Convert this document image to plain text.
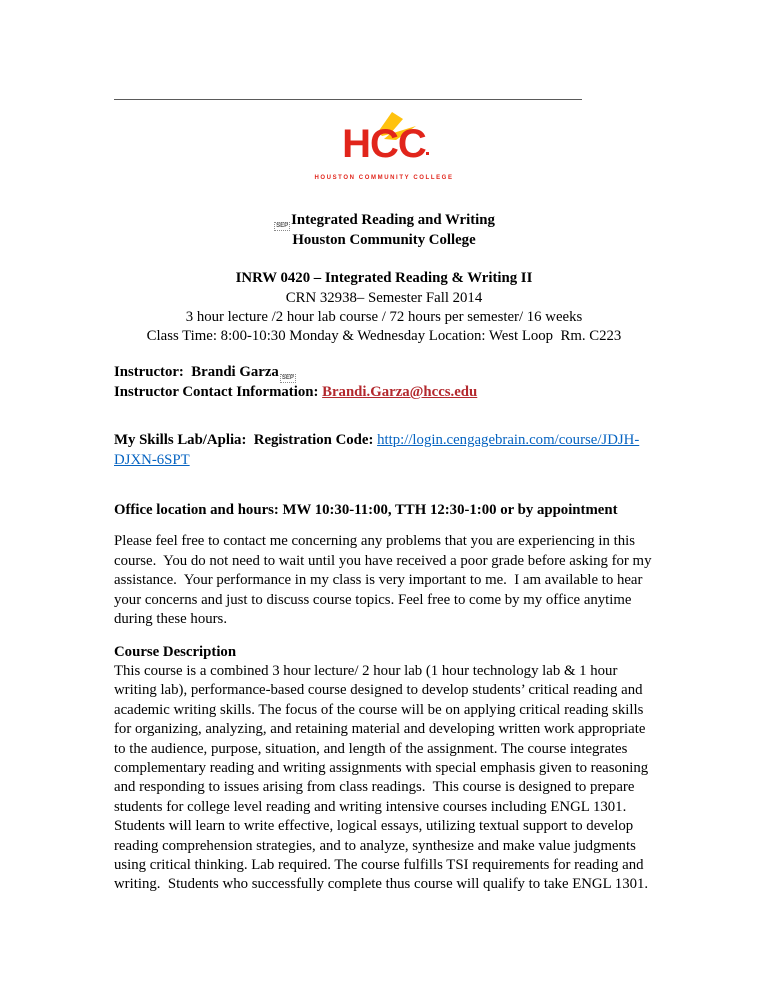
HCC
HOUSTON COMMUNITY COLLEGE

SEP Integrated Reading and Writing

Houston Community College

INRW 0420 – Integrated Reading & Writing II

CRN 32938– Semester Fall 2014

3 hour lecture /2 hour lab course / 72 hours per semester/ 16 weeks

Class Time: 8:00-10:30 Monday & Wednesday Location: West Loop  Rm. C223

Instructor:  Brandi Garza SEP

Instructor Contact Information: Brandi.Garza@hccs.edu

My Skills Lab/Aplia:  Registration Code: http://login.cengagebrain.com/course/JDJH-DJXN-6SPT

Office location and hours: MW 10:30-11:00, TTH 12:30-1:00 or by appointment

Please feel free to contact me concerning any problems that you are experiencing in this course.  You do not need to wait until you have received a poor grade before asking for my assistance.  Your performance in my class is very important to me.  I am available to hear your concerns and just to discuss course topics. Feel free to come by my office anytime during these hours.

Course Description

This course is a combined 3 hour lecture/ 2 hour lab (1 hour technology lab & 1 hour writing lab), performance-based course designed to develop students’ critical reading and academic writing skills. The focus of the course will be on applying critical reading skills for organizing, analyzing, and retaining material and developing written work appropriate to the audience, purpose, situation, and length of the assignment. The course integrates complementary reading and writing assignments with special emphasis given to reasoning and responding to issues arising from class readings.  This course is designed to prepare students for college level reading and writing intensive courses including ENGL 1301.  Students will learn to write effective, logical essays, utilizing textual support to develop reading comprehension strategies, and to analyze, synthesize and make value judgments using critical thinking. Lab required. The course fulfills TSI requirements for reading and writing.  Students who successfully complete thus course will qualify to take ENGL 1301.
